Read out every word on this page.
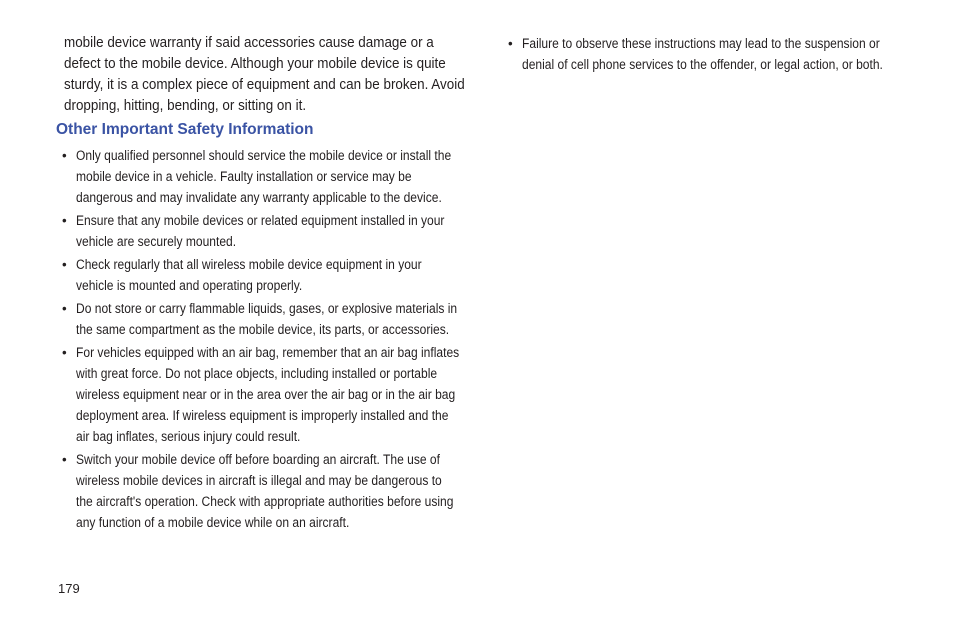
mobile device warranty if said accessories cause damage or a defect to the mobile device. Although your mobile device is quite sturdy, it is a complex piece of equipment and can be broken. Avoid dropping, hitting, bending, or sitting on it.

Other Important Safety Information
• Only qualified personnel should service the mobile device or install the mobile device in a vehicle. Faulty installation or service may be dangerous and may invalidate any warranty applicable to the device.
• Ensure that any mobile devices or related equipment installed in your vehicle are securely mounted.
• Check regularly that all wireless mobile device equipment in your vehicle is mounted and operating properly.
• Do not store or carry flammable liquids, gases, or explosive materials in the same compartment as the mobile device, its parts, or accessories.
• For vehicles equipped with an air bag, remember that an air bag inflates with great force. Do not place objects, including installed or portable wireless equipment near or in the area over the air bag or in the air bag deployment area. If wireless equipment is improperly installed and the air bag inflates, serious injury could result.
• Switch your mobile device off before boarding an aircraft. The use of wireless mobile devices in aircraft is illegal and may be dangerous to the aircraft's operation. Check with appropriate authorities before using any function of a mobile device while on an aircraft.
• Failure to observe these instructions may lead to the suspension or denial of cell phone services to the offender, or legal action, or both.
179
